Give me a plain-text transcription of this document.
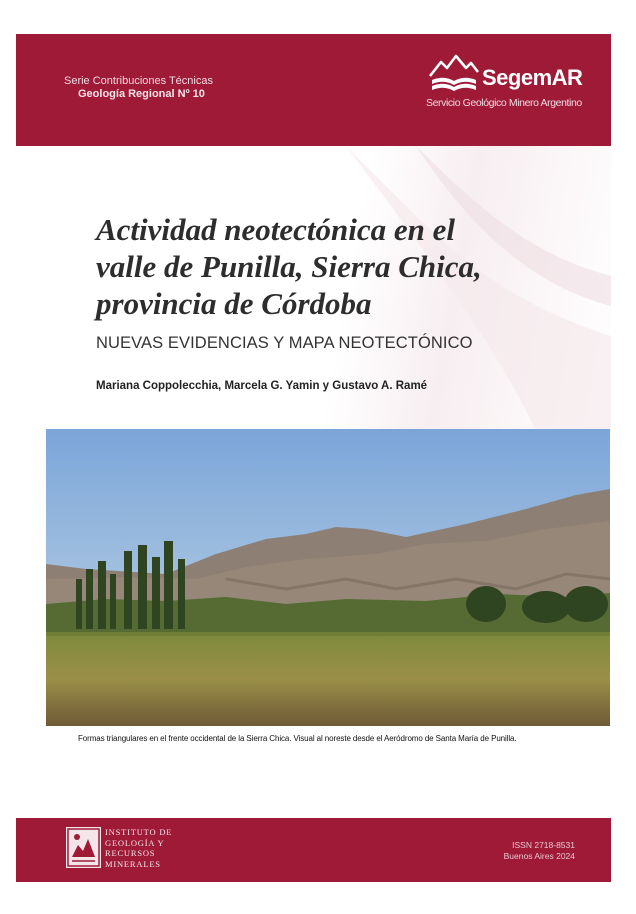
Serie Contribuciones Técnicas
Geología Regional Nº 10
SegemAR
Servicio Geológico Minero Argentino
Actividad neotectónica en el
valle de Punilla, Sierra Chica,
provincia de Córdoba
NUEVAS EVIDENCIAS Y MAPA NEOTECTÓNICO
Mariana Coppolecchia, Marcela G. Yamin y Gustavo A. Ramé
Formas triangulares en el frente occidental de la Sierra Chica. Visual al noreste desde el Aeródromo de Santa María de Punilla.
INSTITUTO DE
GEOLOGÍA Y
RECURSOS
MINERALES
ISSN 2718-8531
Buenos Aires 2024
